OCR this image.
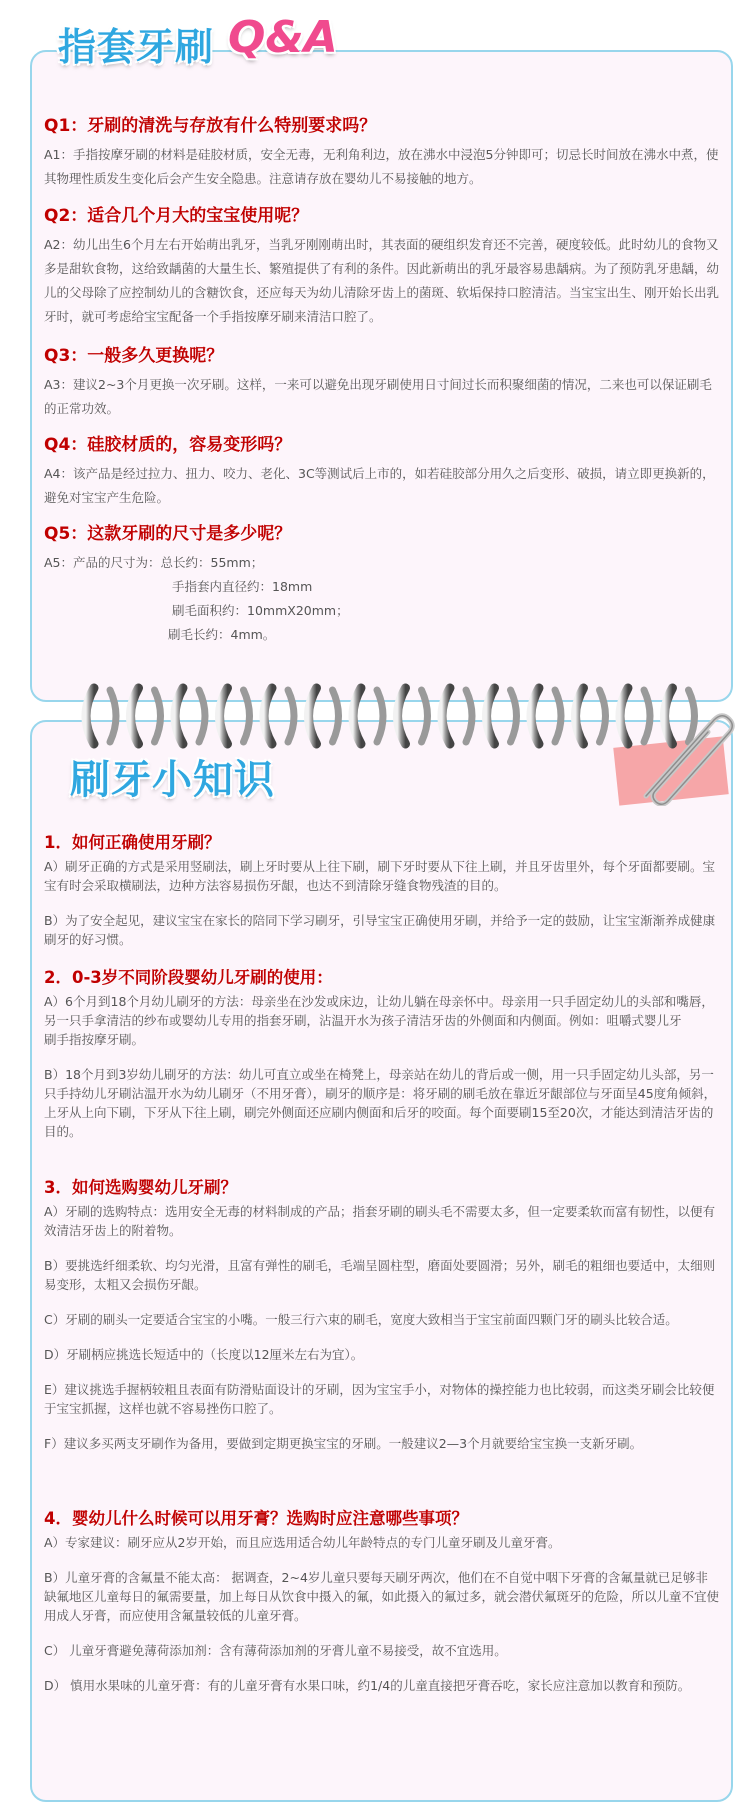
指套牙刷 Q&A
Q1：牙刷的清洗与存放有什么特别要求吗？
A1：手指按摩牙刷的材料是硅胶材质，安全无毒，无利角利边，放在沸水中浸泡5分钟即可；切忌长时间放在沸水中煮，使其物理性质发生变化后会产生安全隐患。注意请存放在婴幼儿不易接触的地方。
Q2：适合几个月大的宝宝使用呢？
A2：幼儿出生6个月左右开始萌出乳牙，当乳牙刚刚萌出时，其表面的硬组织发育还不完善，硬度较低。此时幼儿的食物又多是甜软食物，这给致龋菌的大量生长、繁殖提供了有利的条件。因此新萌出的乳牙最容易患龋病。为了预防乳牙患龋，幼儿的父母除了应控制幼儿的含糖饮食，还应每天为幼儿清除牙齿上的菌斑、软垢保持口腔清洁。当宝宝出生、刚开始长出乳牙时，就可考虑给宝宝配备一个手指按摩牙刷来清洁口腔了。
Q3：一般多久更换呢？
A3：建议2~3个月更换一次牙刷。这样，一来可以避免出现牙刷使用日寸间过长而积聚细菌的情况，二来也可以保证刷毛的正常功效。
Q4：硅胶材质的，容易变形吗？
A4：该产品是经过拉力、扭力、咬力、老化、3C等测试后上市的，如若硅胶部分用久之后变形、破损，请立即更换新的，避免对宝宝产生危险。
Q5：这款牙刷的尺寸是多少呢？
A5：产品的尺寸为：总长约：55mm；
手指套内直径约：18mm
刷毛面积约：10mmX20mm；
刷毛长约：4mm。
刷牙小知识
1．如何正确使用牙刷？
A）刷牙正确的方式是采用竖刷法，刷上牙时要从上往下刷，刷下牙时要从下往上刷，并且牙齿里外，每个牙面都要刷。宝宝有时会采取横刷法，边种方法容易损伤牙龈，也达不到清除牙缝食物残渣的目的。
B）为了安全起见，建议宝宝在家长的陪同下学习刷牙，引导宝宝正确使用牙刷，并给予一定的鼓励，让宝宝渐渐养成健康刷牙的好习惯。
2．0-3岁不同阶段婴幼儿牙刷的使用：
A）6个月到18个月幼儿刷牙的方法：母亲坐在沙发或床边，让幼儿躺在母亲怀中。母亲用一只手固定幼儿的头部和嘴唇，另一只手拿清洁的纱布或婴幼儿专用的指套牙刷，沾温开水为孩子清洁牙齿的外侧面和内侧面。例如：咀嚼式婴儿牙
刷手指按摩牙刷。
B）18个月到3岁幼儿刷牙的方法：幼儿可直立或坐在椅凳上，母亲站在幼儿的背后或一侧，用一只手固定幼儿头部，另一只手持幼儿牙刷沾温开水为幼儿刷牙（不用牙膏），刷牙的顺序是：将牙刷的刷毛放在靠近牙龈部位与牙面呈45度角倾斜，上牙从上向下刷，下牙从下往上刷，刷完外侧面还应刷内侧面和后牙的咬面。每个面要刷15至20次，才能达到清洁牙齿的目的。
3．如何选购婴幼儿牙刷？
A）牙刷的选购特点：选用安全无毒的材料制成的产品；指套牙刷的刷头毛不需要太多，但一定要柔软而富有韧性，以便有效清洁牙齿上的附着物。
B）要挑选纤细柔软、均匀光滑，且富有弹性的刷毛，毛端呈圆柱型，磨面处要圆滑；另外，刷毛的粗细也要适中，太细则易变形，太粗又会损伤牙龈。
C）牙刷的刷头一定要适合宝宝的小嘴。一般三行六束的刷毛，宽度大致相当于宝宝前面四颗门牙的刷头比较合适。
D）牙刷柄应挑选长短适中的（长度以12厘米左右为宜）。
E）建议挑选手握柄较粗且表面有防滑贴面设计的牙刷，因为宝宝手小，对物体的操控能力也比较弱，而这类牙刷会比较便于宝宝抓握，这样也就不容易挫伤口腔了。
F）建议多买两支牙刷作为备用，要做到定期更换宝宝的牙刷。一般建议2—3个月就要给宝宝换一支新牙刷。
4．婴幼儿什么时候可以用牙膏？选购时应注意哪些事项？
A）专家建议：刷牙应从2岁开始，而且应选用适合幼儿年龄特点的专门儿童牙刷及儿童牙膏。
B）儿童牙膏的含氟量不能太高： 据调查，2~4岁儿童只要每天刷牙两次，他们在不自觉中咽下牙膏的含氟量就已足够非缺氟地区儿童每日的氟需要量，加上每日从饮食中摄入的氟，如此摄入的氟过多，就会潜伏氟斑牙的危险，所以儿童不宜使用成人牙膏，而应使用含氟量较低的儿童牙膏。
C） 儿童牙膏避免薄荷添加剂：含有薄荷添加剂的牙膏儿童不易接受，故不宜选用。
D） 慎用水果味的儿童牙膏：有的儿童牙膏有水果口味，约1/4的儿童直接把牙膏吞吃，家长应注意加以教育和预防。
